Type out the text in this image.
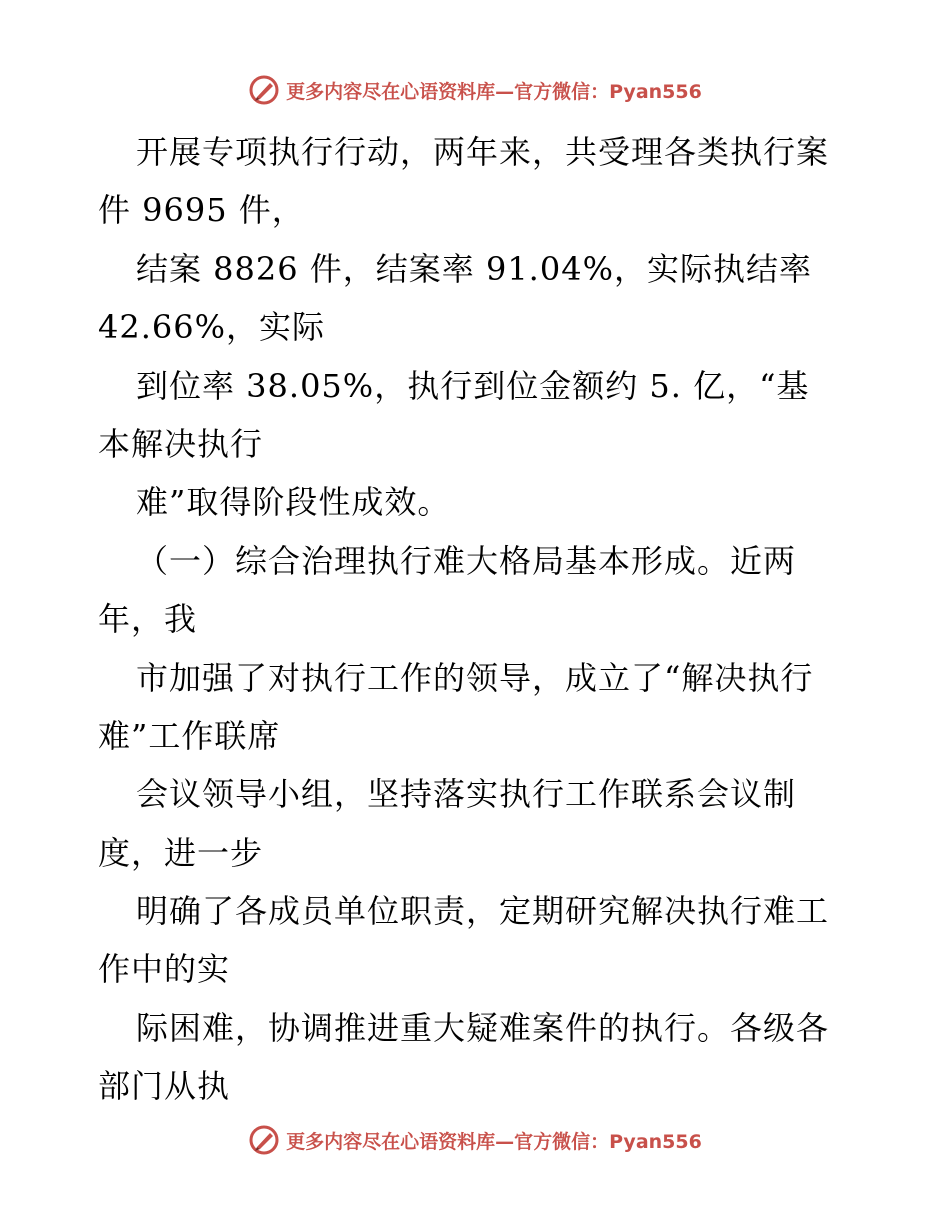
更多内容尽在心语资料库—官方微信：Pyan556
开展专项执行行动，两年来，共受理各类执行案
件 9695 件，
结案 8826 件，结案率 91.04%，实际执结率
42.66%，实际
到位率 38.05%，执行到位金额约 5. 亿，“基
本解决执行
难”取得阶段性成效。
（一）综合治理执行难大格局基本形成。近两
年，我
市加强了对执行工作的领导，成立了“解决执行
难”工作联席
会议领导小组，坚持落实执行工作联系会议制
度，进一步
明确了各成员单位职责，定期研究解决执行难工
作中的实
际困难，协调推进重大疑难案件的执行。各级各
部门从执
更多内容尽在心语资料库—官方微信：Pyan556
